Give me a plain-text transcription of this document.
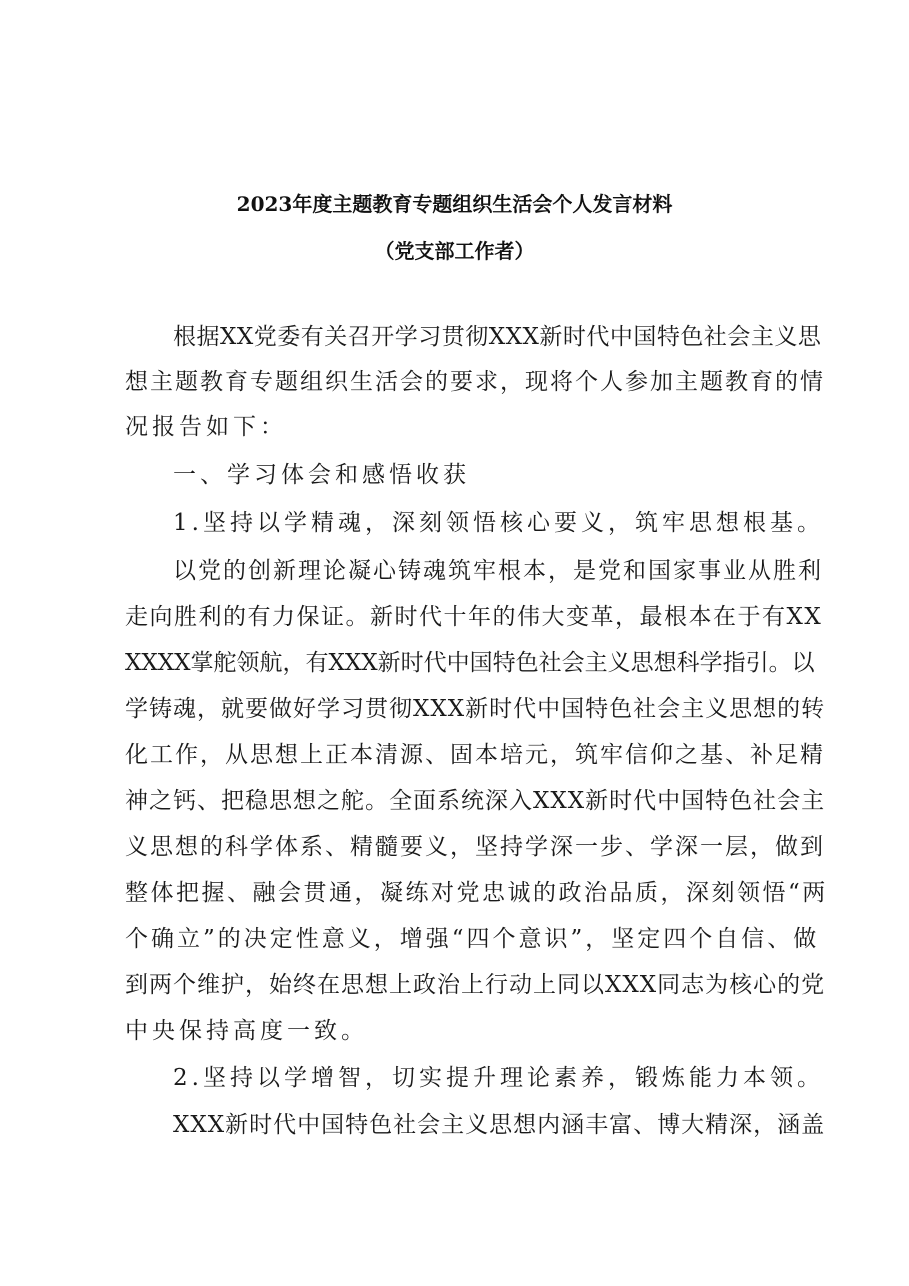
2023年度主题教育专题组织生活会个人发言材料
（党支部工作者）
根据XX党委有关召开学习贯彻XXX新时代中国特色社会主义思
想主题教育专题组织生活会的要求，现将个人参加主题教育的情
况报告如下：
一、学习体会和感悟收获
1.坚持以学精魂，深刻领悟核心要义，筑牢思想根基。
以党的创新理论凝心铸魂筑牢根本，是党和国家事业从胜利
走向胜利的有力保证。新时代十年的伟大变革，最根本在于有XX
XXXX掌舵领航，有XXX新时代中国特色社会主义思想科学指引。以
学铸魂，就要做好学习贯彻XXX新时代中国特色社会主义思想的转
化工作，从思想上正本清源、固本培元，筑牢信仰之基、补足精
神之钙、把稳思想之舵。全面系统深入XXX新时代中国特色社会主
义思想的科学体系、精髓要义，坚持学深一步、学深一层，做到
整体把握、融会贯通，凝练对党忠诚的政治品质，深刻领悟“两
个确立”的决定性意义，增强“四个意识”，坚定四个自信、做
到两个维护，始终在思想上政治上行动上同以XXX同志为核心的党
中央保持高度一致。
2.坚持以学增智，切实提升理论素养，锻炼能力本领。
XXX新时代中国特色社会主义思想内涵丰富、博大精深，涵盖
